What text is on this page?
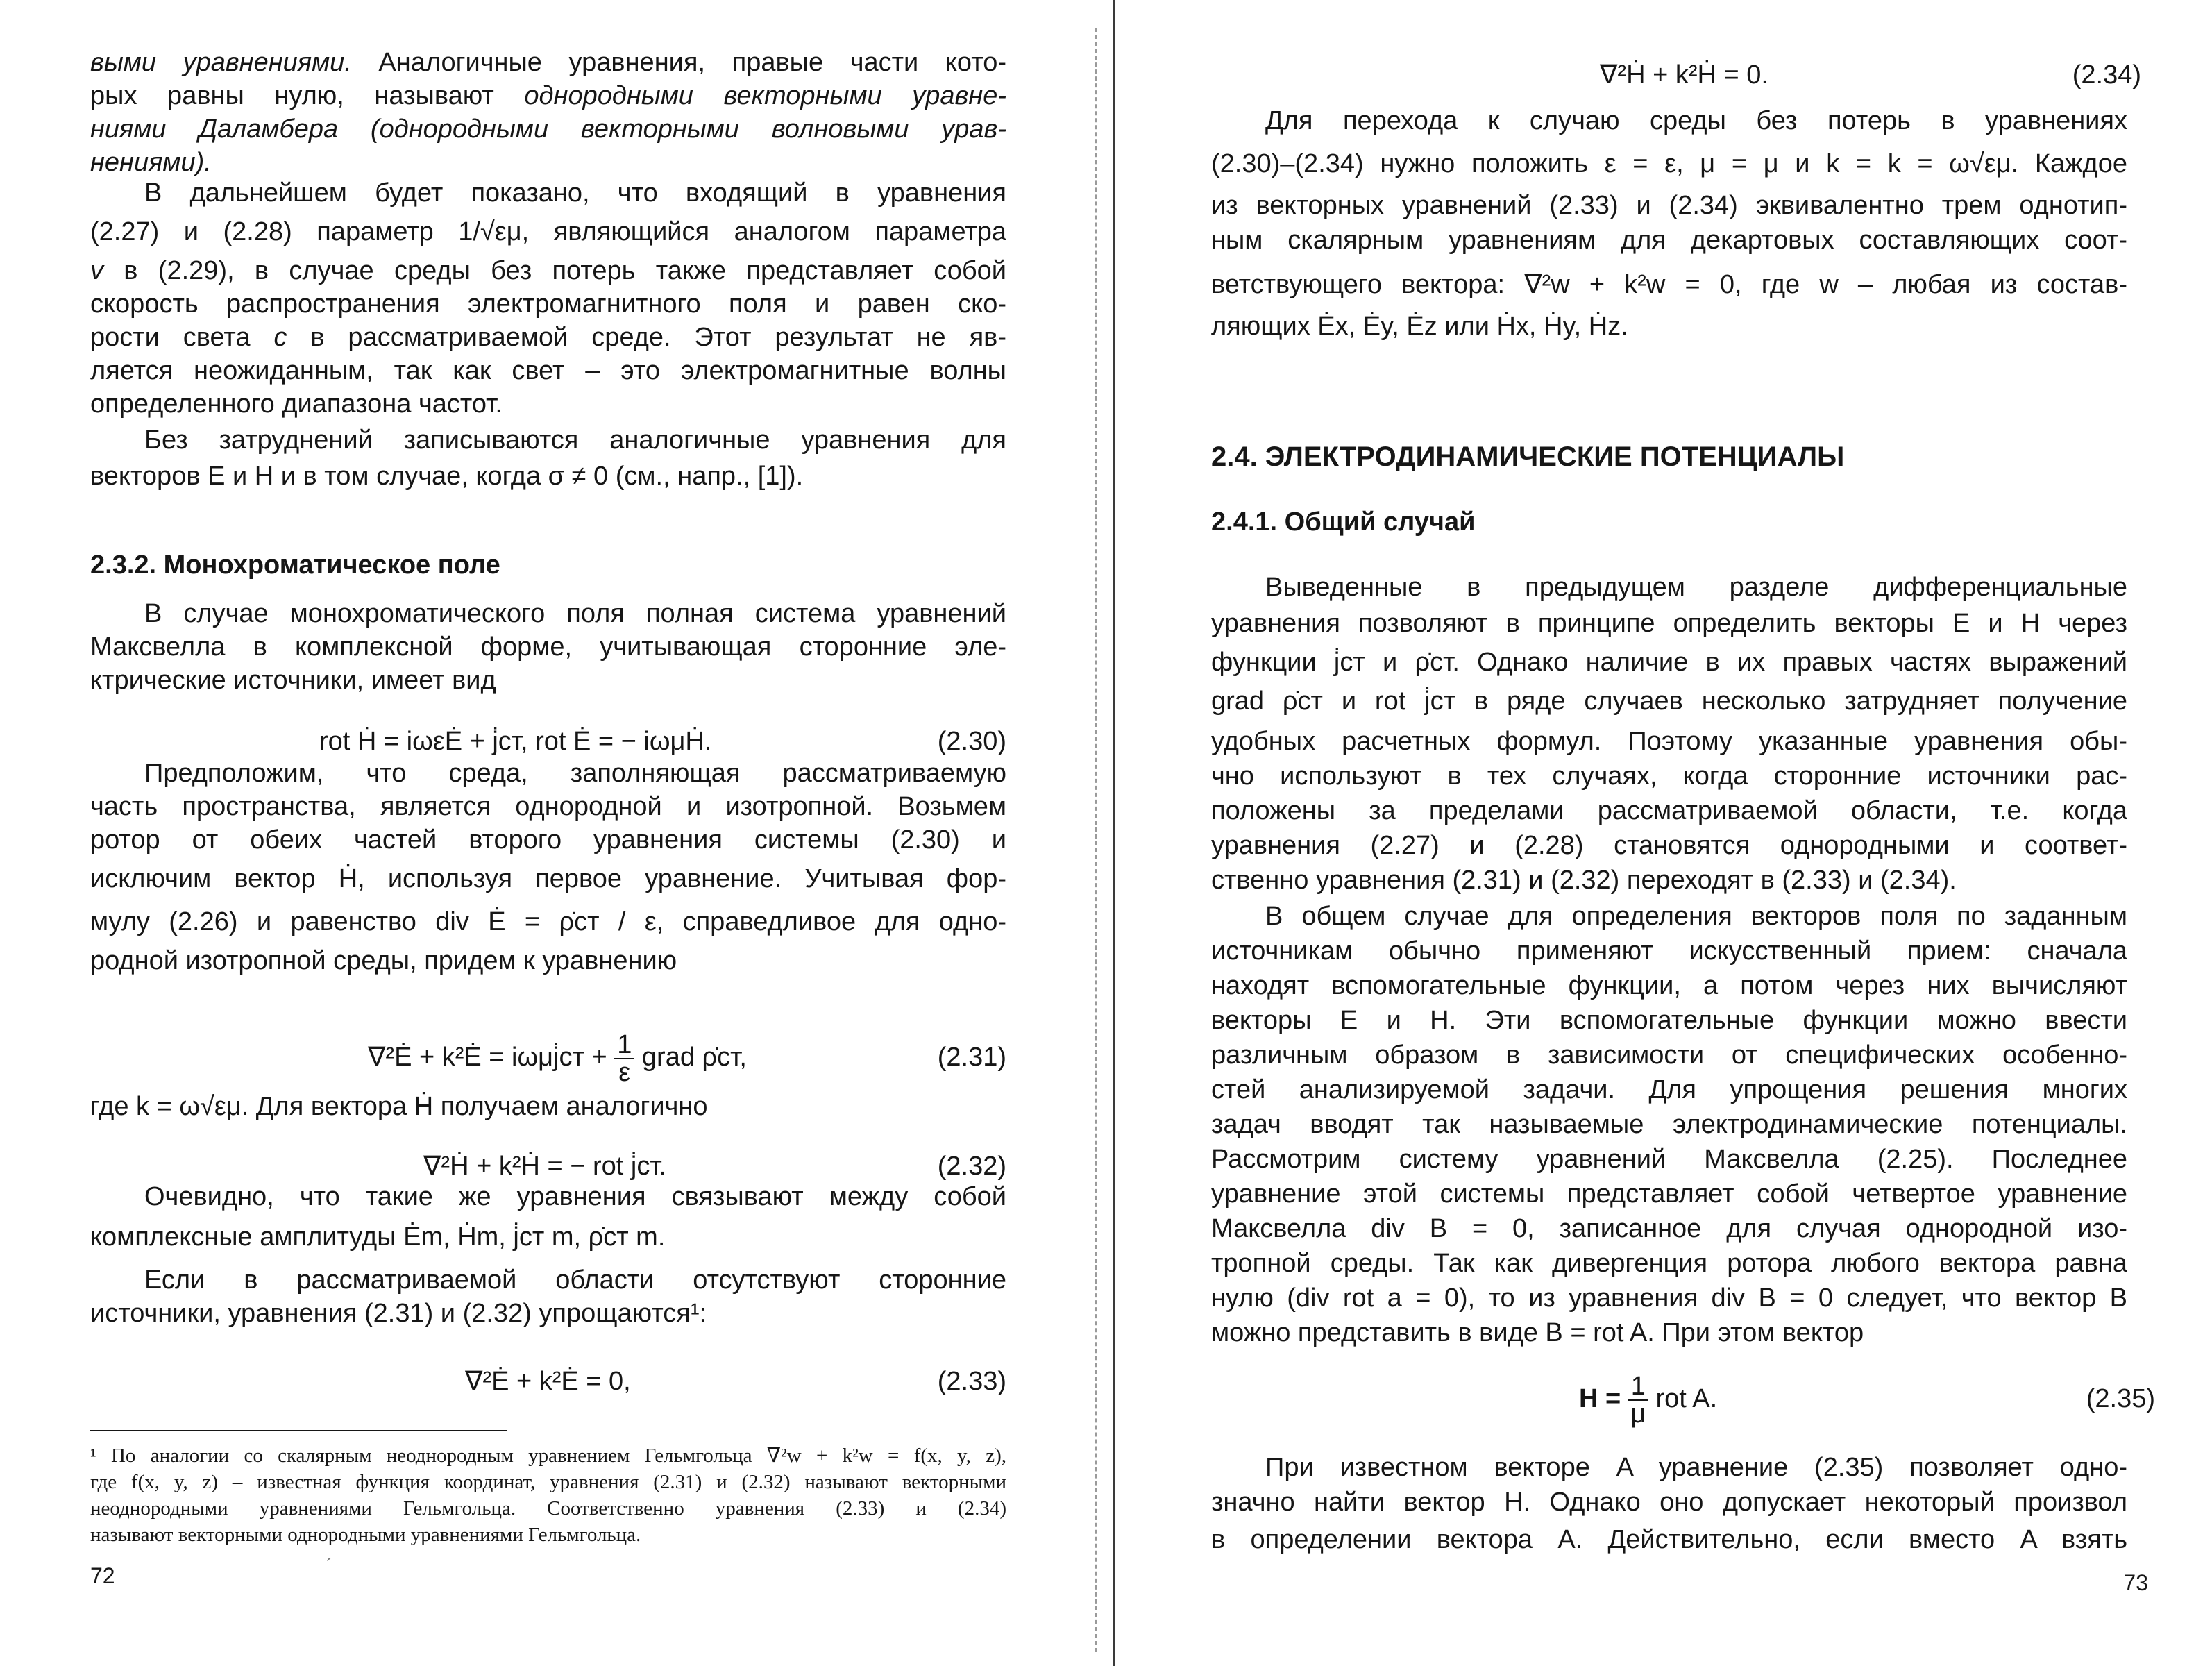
выми уравнениями. Аналогичные уравнения, правые части кото-
рых равны нулю, называют однородными векторными уравне-
ниями Даламбера (однородными векторными волновыми урав-
нениями).
В дальнейшем будет показано, что входящий в уравнения
(2.27) и (2.28) параметр 1/√εμ, являющийся аналогом параметра
v в (2.29), в случае среды без потерь также представляет собой
скорость распространения электромагнитного поля и равен ско-
рости света c в рассматриваемой среде. Этот результат не яв-
ляется неожиданным, так как свет – это электромагнитные волны
определенного диапазона частот.
Без затруднений записываются аналогичные уравнения для
векторов E и H и в том случае, когда σ ≠ 0 (см., напр., [1]).
В случае монохроматического поля полная система уравнений
Максвелла в комплексной форме, учитывающая сторонние эле-
ктрические источники, имеет вид
Предположим, что среда, заполняющая рассматриваемую
часть пространства, является однородной и изотропной. Возьмем
ротор от обеих частей второго уравнения системы (2.30) и
исключим вектор Ḣ, используя первое уравнение. Учитывая фор-
мулу (2.26) и равенство div Ė = ρ̇ст / ε, справедливое для одно-
родной изотропной среды, придем к уравнению
где k = ω√εμ. Для вектора Ḣ получаем аналогично
Очевидно, что такие же уравнения связывают между собой
комплексные амплитуды Ėm, Ḣm, j̇ст m, ρ̇ст m.
Если в рассматриваемой области отсутствуют сторонние
источники, уравнения (2.31) и (2.32) упрощаются¹:
2.3.2. Монохроматическое поле
rot Ḣ = iωεĖ + j̇ст, rot Ė = − iωμḢ.	(2.30)
∇²Ė + k²Ė = iωμj̇ст + $\frac{1}{\varepsilon}$ grad ρ̇ст,	(2.31)
∇²Ḣ + k²Ḣ = − rot j̇ст.	(2.32)
∇²Ė + k²Ė = 0,	(2.33)
¹ По аналогии со скалярным неоднородным уравнением Гельмгольца ∇²w + k²w = f(x, y, z),
где f(x, y, z) – известная функция координат, уравнения (2.31) и (2.32) называют векторными
неоднородными уравнениями Гельмгольца. Соответственно уравнения (2.33) и (2.34)
называют векторными однородными уравнениями Гельмгольца.
72	´
∇²Ḣ + k²Ḣ = 0.	(2.34)
Для перехода к случаю среды без потерь в уравнениях
(2.30)–(2.34) нужно положить ε = ε, μ = μ и k = k = ω√εμ. Каждое
из векторных уравнений (2.33) и (2.34) эквивалентно трем однотип-
ным скалярным уравнениям для декартовых составляющих соот-
ветствующего вектора: ∇²w + k²w = 0, где w – любая из состав-
ляющих Ėx, Ėy, Ėz или Ḣx, Ḣy, Ḣz.
2.4. ЭЛЕКТРОДИНАМИЧЕСКИЕ ПОТЕНЦИАЛЫ
2.4.1. Общий случай
Выведенные в предыдущем разделе дифференциальные
уравнения позволяют в принципе определить векторы E и H через
функции j̇ст и ρ̇ст. Однако наличие в их правых частях выражений
grad ρ̇ст и rot j̇ст в ряде случаев несколько затрудняет получение
удобных расчетных формул. Поэтому указанные уравнения обы-
чно используют в тех случаях, когда сторонние источники рас-
положены за пределами рассматриваемой области, т.е. когда
уравнения (2.27) и (2.28) становятся однородными и соответ-
ственно уравнения (2.31) и (2.32) переходят в (2.33) и (2.34).
В общем случае для определения векторов поля по заданным
источникам обычно применяют искусственный прием: сначала
находят вспомогательные функции, а потом через них вычисляют
векторы E и H. Эти вспомогательные функции можно ввести
различным образом в зависимости от специфических особенно-
стей анализируемой задачи. Для упрощения решения многих
задач вводят так называемые электродинамические потенциалы.
Рассмотрим систему уравнений Максвелла (2.25). Последнее
уравнение этой системы представляет собой четвертое уравнение
Максвелла div B = 0, записанное для случая однородной изо-
тропной среды. Так как дивергенция ротора любого вектора равна
нулю (div rot a = 0), то из уравнения div B = 0 следует, что вектор B
можно представить в виде B = rot A. При этом вектор
$H = \frac{1}{\mu}$ rot A.	(2.35)
При известном векторе A уравнение (2.35) позволяет одно-
значно найти вектор H. Однако оно допускает некоторый произвол
в определении вектора A. Действительно, если вместо A взять
73
